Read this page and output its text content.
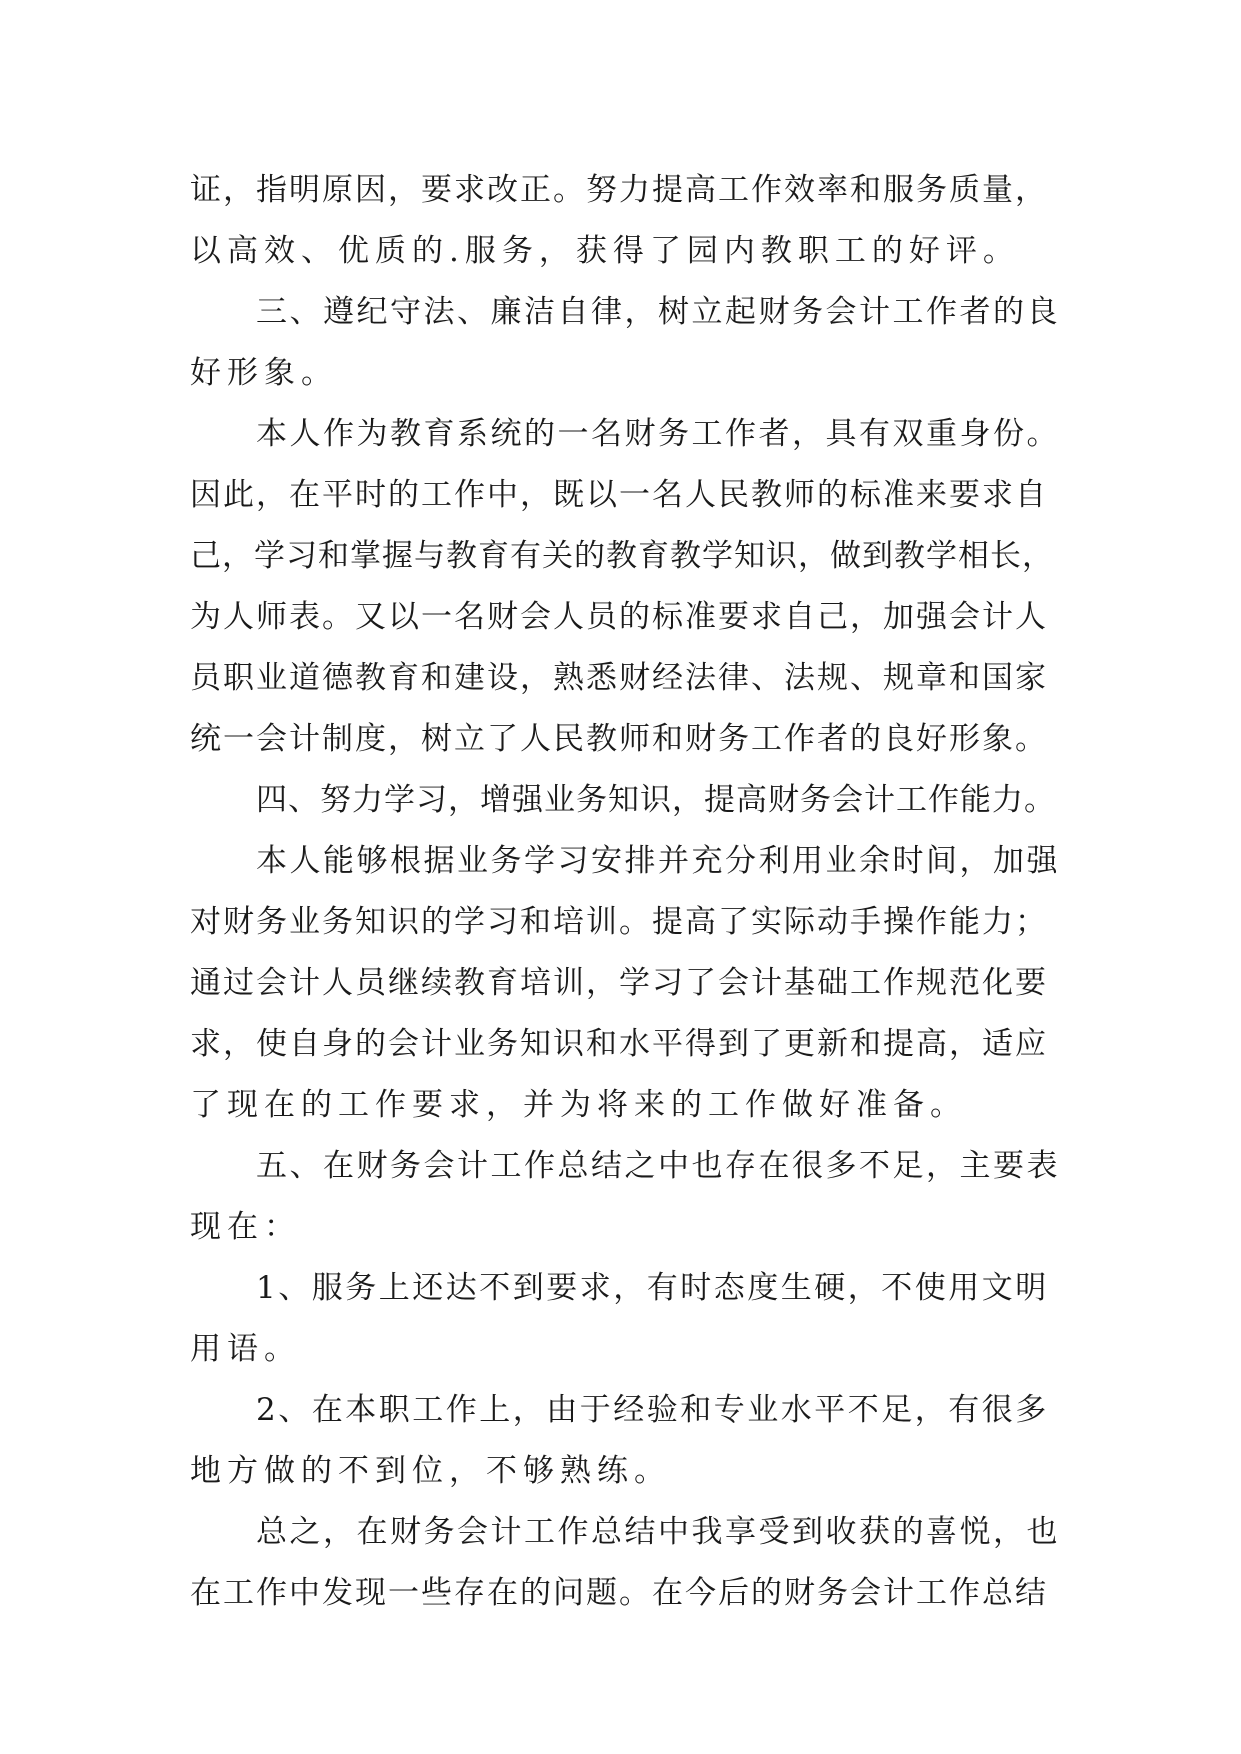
证，指明原因，要求改正。努力提高工作效率和服务质量，
以高效、优质的.服务，获得了园内教职工的好评。
三、遵纪守法、廉洁自律，树立起财务会计工作者的良
好形象。
本人作为教育系统的一名财务工作者，具有双重身份。
因此，在平时的工作中，既以一名人民教师的标准来要求自
己，学习和掌握与教育有关的教育教学知识，做到教学相长，
为人师表。又以一名财会人员的标准要求自己，加强会计人
员职业道德教育和建设，熟悉财经法律、法规、规章和国家
统一会计制度，树立了人民教师和财务工作者的良好形象。
四、努力学习，增强业务知识，提高财务会计工作能力。
本人能够根据业务学习安排并充分利用业余时间，加强
对财务业务知识的学习和培训。提高了实际动手操作能力；
通过会计人员继续教育培训，学习了会计基础工作规范化要
求，使自身的会计业务知识和水平得到了更新和提高，适应
了现在的工作要求，并为将来的工作做好准备。
五、在财务会计工作总结之中也存在很多不足，主要表
现在：
1、服务上还达不到要求，有时态度生硬，不使用文明
用语。
2、在本职工作上，由于经验和专业水平不足，有很多
地方做的不到位，不够熟练。
总之，在财务会计工作总结中我享受到收获的喜悦，也
在工作中发现一些存在的问题。在今后的财务会计工作总结
